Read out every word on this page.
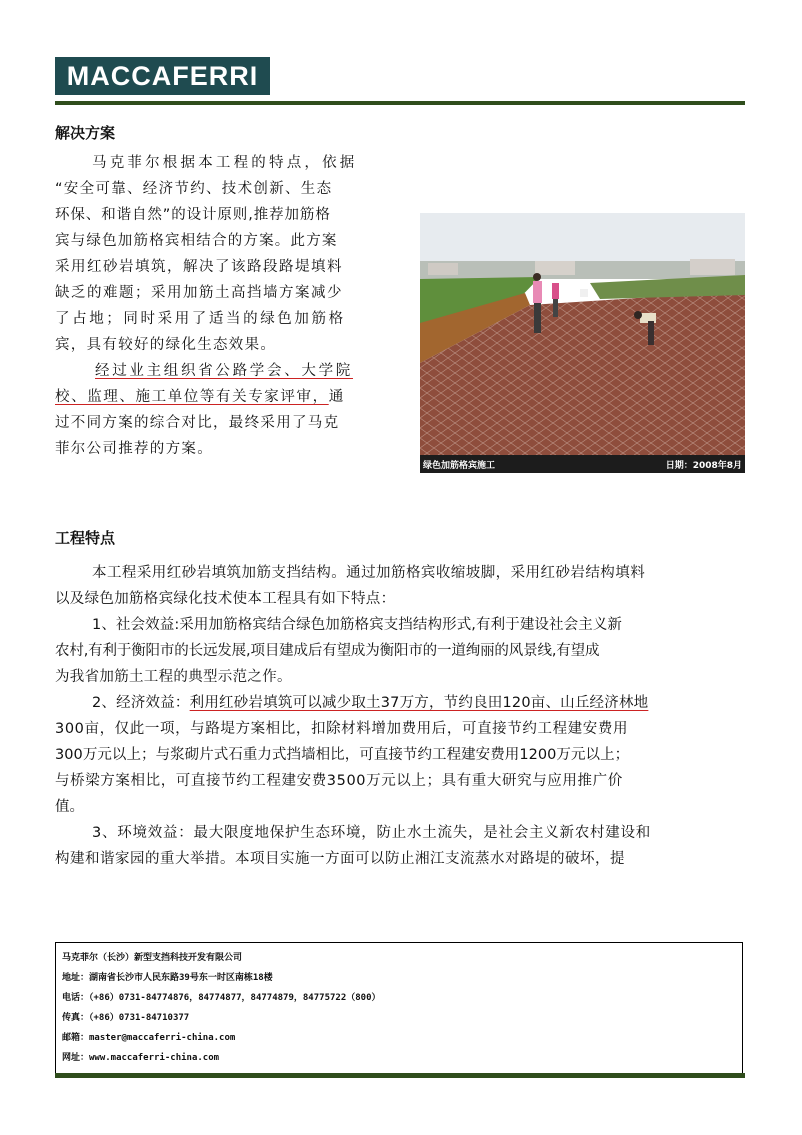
MACCAFERRI
解决方案

马克菲尔根据本工程的特点，依据

“安全可靠、经济节约、技术创新、生态

环保、和谐自然”的设计原则,推荐加筋格

宾与绿色加筋格宾相结合的方案。此方案

采用红砂岩填筑，解决了该路段路堤填料

缺乏的难题；采用加筋土高挡墙方案减少

了占地；同时采用了适当的绿色加筋格

宾，具有较好的绿化生态效果。

经过业主组织省公路学会、大学院

校、监理、施工单位等有关专家评审，通

过不同方案的综合对比，最终采用了马克

菲尔公司推荐的方案。

绿色加筋格宾施工	日期：2008年8月
工程特点

本工程采用红砂岩填筑加筋支挡结构。通过加筋格宾收缩坡脚，采用红砂岩结构填料

以及绿色加筋格宾绿化技术使本工程具有如下特点：

1、社会效益:采用加筋格宾结合绿色加筋格宾支挡结构形式,有利于建设社会主义新

农村,有利于衡阳市的长远发展,项目建成后有望成为衡阳市的一道绚丽的风景线,有望成

为我省加筋土工程的典型示范之作。

2、经济效益：利用红砂岩填筑可以减少取土37万方，节约良田120亩、山丘经济林地

300亩，仅此一项，与路堤方案相比，扣除材料增加费用后，可直接节约工程建安费用

300万元以上；与浆砌片式石重力式挡墙相比，可直接节约工程建安费用1200万元以上；

与桥梁方案相比，可直接节约工程建安费3500万元以上；具有重大研究与应用推广价

值。

3、环境效益：最大限度地保护生态环境，防止水土流失，是社会主义新农村建设和

构建和谐家园的重大举措。本项目实施一方面可以防止湘江支流蒸水对路堤的破坏，提

马克菲尔（长沙）新型支挡科技开发有限公司
地址：湖南省长沙市人民东路39号东一时区南栋18楼
电话：（+86）0731-84774876，84774877，84774879，84775722（800）
传真：（+86）0731-84710377
邮箱：master@maccaferri-china.com
网址：www.maccaferri-china.com
